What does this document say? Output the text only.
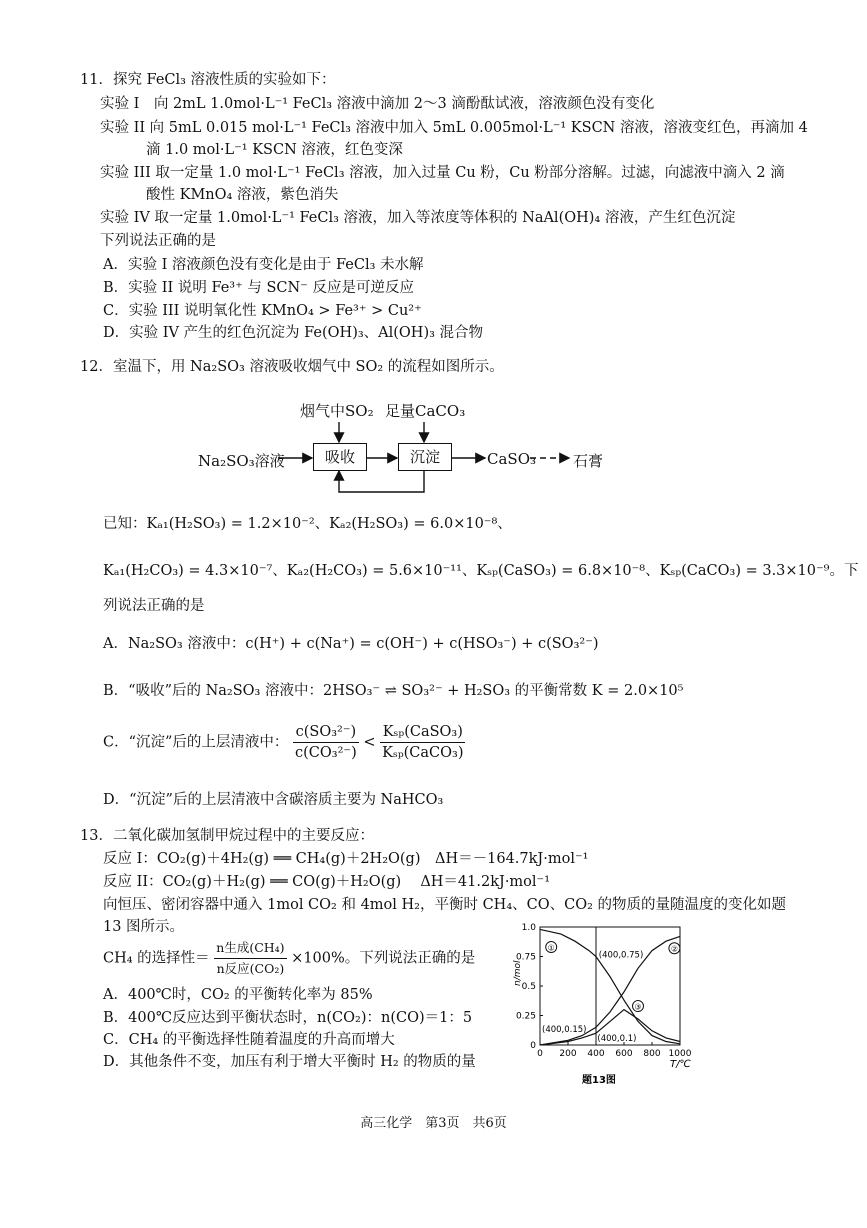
11．探究 FeCl₃ 溶液性质的实验如下：
实验 I　向 2mL 1.0mol·L⁻¹ FeCl₃ 溶液中滴加 2～3 滴酚酞试液，溶液颜色没有变化
实验 II 向 5mL 0.015 mol·L⁻¹ FeCl₃ 溶液中加入 5mL 0.005mol·L⁻¹ KSCN 溶液，溶液变红色，再滴加 4
滴 1.0 mol·L⁻¹ KSCN 溶液，红色变深
实验 III 取一定量 1.0 mol·L⁻¹ FeCl₃ 溶液，加入过量 Cu 粉，Cu 粉部分溶解。过滤，向滤液中滴入 2 滴
酸性 KMnO₄ 溶液，紫色消失
实验 IV 取一定量 1.0mol·L⁻¹ FeCl₃ 溶液，加入等浓度等体积的 NaAl(OH)₄ 溶液，产生红色沉淀
下列说法正确的是
A．实验 I 溶液颜色没有变化是由于 FeCl₃ 未水解
B．实验 II 说明 Fe³⁺ 与 SCN⁻ 反应是可逆反应
C．实验 III 说明氧化性 KMnO₄ > Fe³⁺ > Cu²⁺
D．实验 IV 产生的红色沉淀为 Fe(OH)₃、Al(OH)₃ 混合物
12．室温下，用 Na₂SO₃ 溶液吸收烟气中 SO₂ 的流程如图所示。
烟气中SO₂ 足量CaCO₃
Na₂SO₃溶液	吸收	沉淀	CaSO₃ 石膏
已知：Kₐ₁(H₂SO₃) = 1.2×10⁻²、Kₐ₂(H₂SO₃) = 6.0×10⁻⁸、
Kₐ₁(H₂CO₃) = 4.3×10⁻⁷、Kₐ₂(H₂CO₃) = 5.6×10⁻¹¹、Kₛₚ(CaSO₃) = 6.8×10⁻⁸、Kₛₚ(CaCO₃) = 3.3×10⁻⁹。下
列说法正确的是
A．Na₂SO₃ 溶液中：c(H⁺) + c(Na⁺) = c(OH⁻) + c(HSO₃⁻) + c(SO₃²⁻)
B．“吸收”后的 Na₂SO₃ 溶液中：2HSO₃⁻ ⇌ SO₃²⁻ + H₂SO₃ 的平衡常数 K = 2.0×10⁵
C．“沉淀”后的上层清液中： $\frac{\text{c(SO₃²⁻)}}{\text{c(CO₃²⁻)}} < \frac{\text{Kₛₚ(CaSO₃)}}{\text{Kₛₚ(CaCO₃)}}$
D．“沉淀”后的上层清液中含碳溶质主要为 NaHCO₃
13．二氧化碳加氢制甲烷过程中的主要反应：
反应 I：CO₂(g)＋4H₂(g) ══ CH₄(g)＋2H₂O(g)　ΔH＝－164.7kJ·mol⁻¹
反应 II：CO₂(g)＋H₂(g) ══ CO(g)＋H₂O(g)　 ΔH＝41.2kJ·mol⁻¹
向恒压、密闭容器中通入 1mol CO₂ 和 4mol H₂，平衡时 CH₄、CO、CO₂ 的物质的量随温度的变化如题
13 图所示。
CH₄ 的选择性＝ $\frac{\text{n生成(CH₄)}}{\text{n反应(CO₂)}} \times 100\%$。下列说法正确的是
A．400℃时，CO₂ 的平衡转化率为 85%
B．400℃反应达到平衡状态时，n(CO₂)：n(CO)＝1：5
C．CH₄ 的平衡选择性随着温度的升高而增大
D．其他条件不变，加压有利于增大平衡时 H₂ 的物质的量
0
0.25
0.5
0.75
1.0
0 200 400 600 800 1000
n/mol
T/℃
①	②
③
(400,0.75)
(400,0.15)
(400,0.1)
题13图
高三化学　第3页　共6页
